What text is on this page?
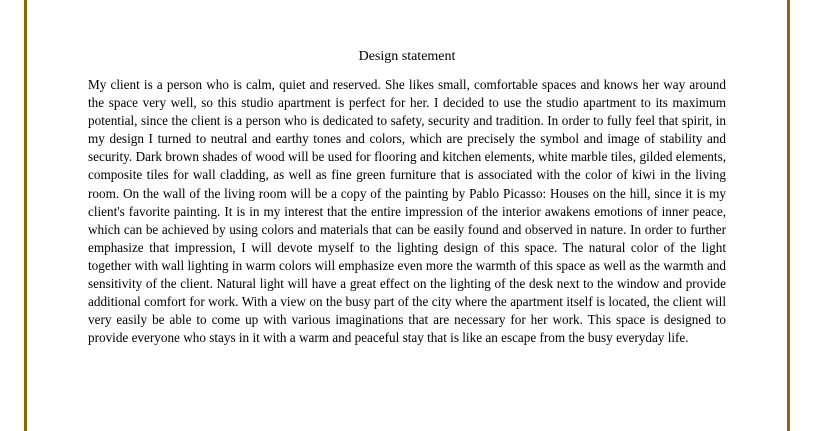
Design statement

My client is a person who is calm, quiet and reserved. She likes small, comfortable spaces and knows her way around the space very well, so this studio apartment is perfect for her. I decided to use the studio apartment to its maximum potential, since the client is a person who is dedicated to safety, security and tradition. In order to fully feel that spirit, in my design I turned to neutral and earthy tones and colors, which are precisely the symbol and image of stability and security. Dark brown shades of wood will be used for flooring and kitchen elements, white marble tiles, gilded elements, composite tiles for wall cladding, as well as fine green furniture that is associated with the color of kiwi in the living room. On the wall of the living room will be a copy of the painting by Pablo Picasso: Houses on the hill, since it is my client's favorite painting. It is in my interest that the entire impression of the interior awakens emotions of inner peace, which can be achieved by using colors and materials that can be easily found and observed in nature. In order to further emphasize that impression, I will devote myself to the lighting design of this space. The natural color of the light together with wall lighting in warm colors will emphasize even more the warmth of this space as well as the warmth and sensitivity of the client. Natural light will have a great effect on the lighting of the desk next to the window and provide additional comfort for work. With a view on the busy part of the city where the apartment itself is located, the client will very easily be able to come up with various imaginations that are necessary for her work. This space is designed to provide everyone who stays in it with a warm and peaceful stay that is like an escape from the busy everyday life.
